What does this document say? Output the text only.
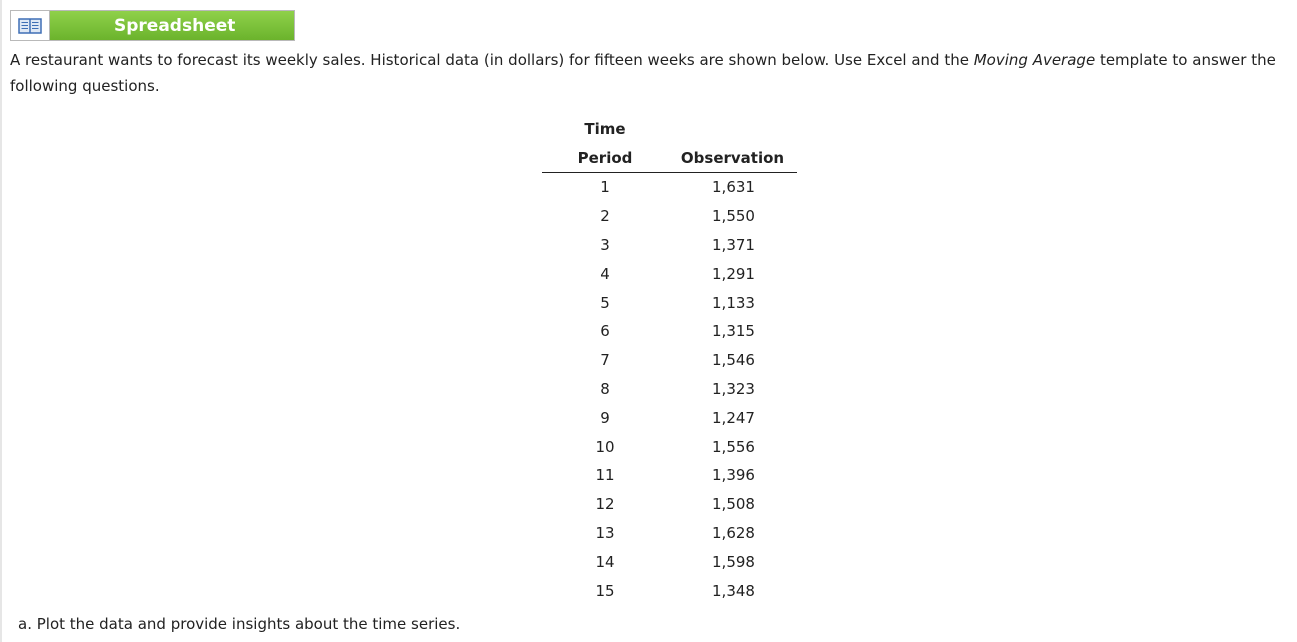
Spreadsheet

A restaurant wants to forecast its weekly sales. Historical data (in dollars) for fifteen weeks are shown below. Use Excel and the Moving Average template to answer the following questions.

Time	
Period	Observation
1	1,631
2	1,550
3	1,371
4	1,291
5	1,133
6	1,315
7	1,546
8	1,323
9	1,247
10	1,556
11	1,396
12	1,508
13	1,628
14	1,598
15	1,348

a. Plot the data and provide insights about the time series.
